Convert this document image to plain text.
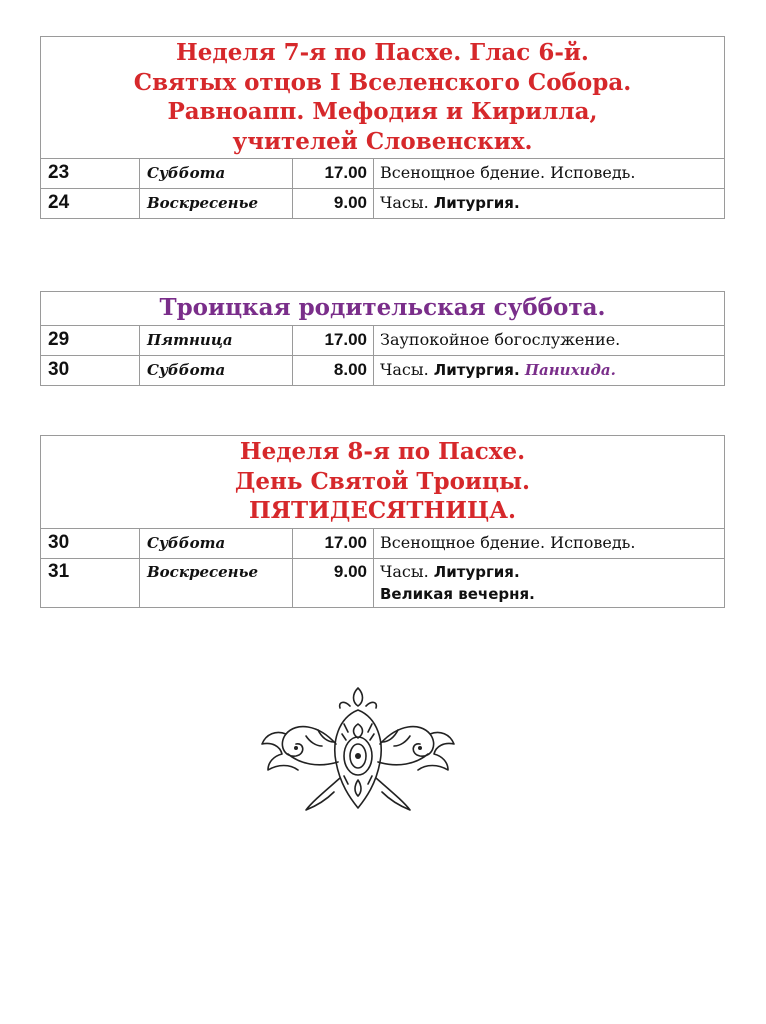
Неделя 7-я по Пасхе. Глас 6-й.
Святых отцов I Вселенского Собора.
Равноапп. Мефодия и Кирилла,
учителей Словенских.
23	Суббота	17.00 Всенощное бдение. Исповедь.
24	Воскресенье	9.00 Часы. Литургия.
Троицкая родительская суббота.
29	Пятница	17.00 Заупокойное богослужение.
30	Суббота	8.00 Часы. Литургия. Панихида.
Неделя 8-я по Пасхе.
День Святой Троицы.
ПЯТИДЕСЯТНИЦА.
30	Суббота	17.00 Всенощное бдение. Исповедь.
31	Воскресенье	9.00 Часы. Литургия.
Великая вечерня.
